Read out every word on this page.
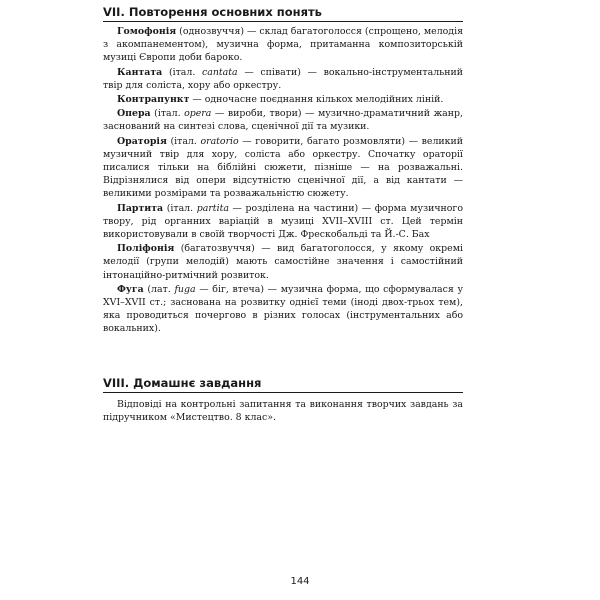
VII. Повторення основних понять

Гомофонія (однозвуччя) — склад багатоголосся (спрощено, мелодія з акомпанементом), музична форма, притаманна композиторській музиці Європи доби бароко.

Кантата (італ. cantata — співати) — вокально-інструментальний твір для соліста, хору або оркестру.

Контрапункт — одночасне поєднання кількох мелодійних ліній.

Опера (італ. opera — вироби, твори) — музично-драматичний жанр, заснований на синтезі слова, сценічної дії та музики.

Ораторія (італ. oratorio — говорити, багато розмовляти) — великий музичний твір для хору, соліста або оркестру. Спочатку ораторії писалися тільки на біблійні сюжети, пізніше — на розважальні. Відрізнялися від опери відсутністю сценічної дії, а від кантати — великими розмірами та розважальністю сюжету.

Партита (італ. partita — розділена на частини) — форма музичного твору, рід органних варіацій в музиці XVII–XVIII ст. Цей термін використовували в своїй творчості Дж. Фрескобальді та Й.-С. Бах

Поліфонія (багатозвуччя) — вид багатоголосся, у якому окремі мелодії (групи мелодій) мають самостійне значення і самостійний інтонаційно-ритмічний розвиток.

Фуга (лат. fuga — біг, втеча) — музична форма, що сформувалася у XVI–XVII ст.; заснована на розвитку однієї теми (іноді двох-трьох тем), яка проводиться почергово в різних голосах (інструментальних або вокальних).

VIII. Домашнє завдання

Відповіді на контрольні запитання та виконання творчих завдань за підручником «Мистецтво. 8 клас».

144
